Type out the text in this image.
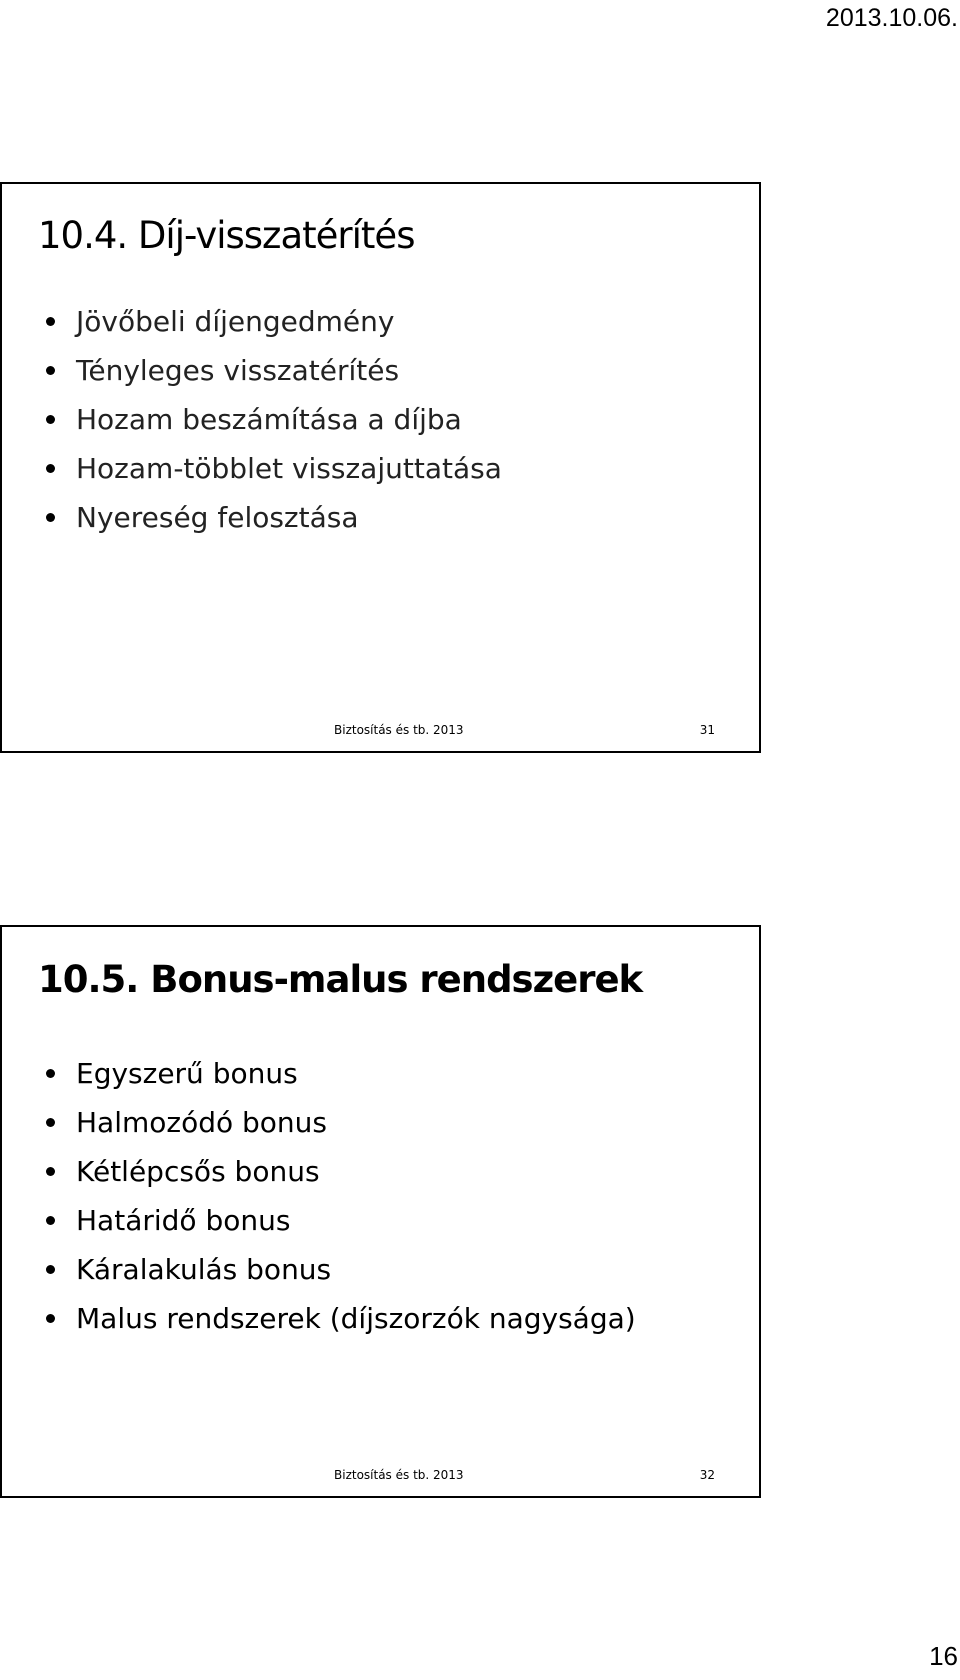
2013.10.06.
10.4. Díj-visszatérítés
Jövőbeli díjengedmény
Tényleges visszatérítés
Hozam beszámítása a díjba
Hozam-többlet visszajuttatása
Nyereség felosztása
Biztosítás és tb. 2013	31
10.5. Bonus-malus rendszerek
Egyszerű bonus
Halmozódó bonus
Kétlépcsős bonus
Határidő bonus
Káralakulás bonus
Malus rendszerek (díjszorzók nagysága)
Biztosítás és tb. 2013	32
16
